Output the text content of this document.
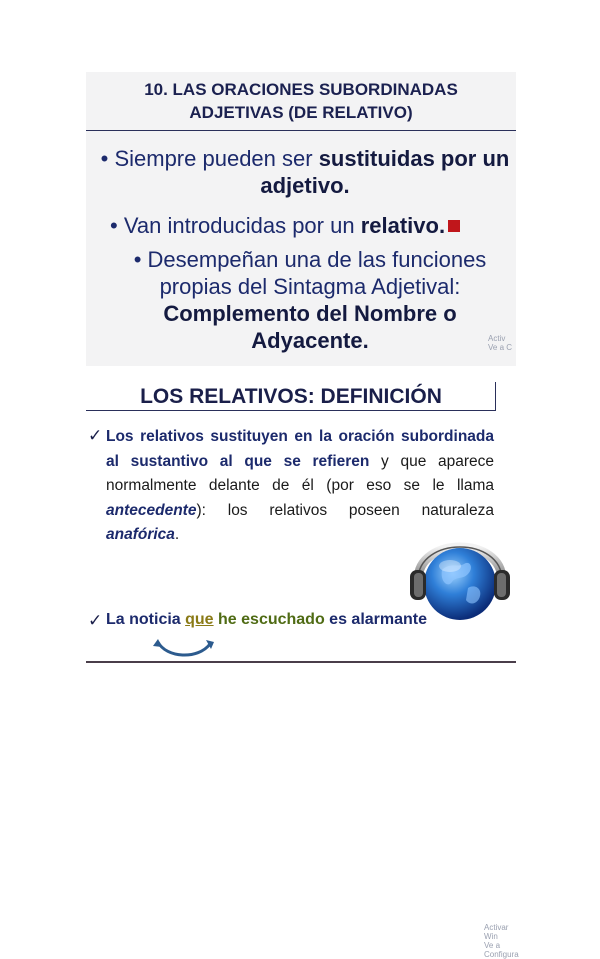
10. LAS ORACIONES SUBORDINADAS
ADJETIVAS (DE RELATIVO)
• Siempre pueden ser sustituidas por un adjetivo.
• Van introducidas por un relativo.
• Desempeñan una de las funciones propias del Sintagma Adjetival:
Complemento del Nombre o Adyacente.	Activ
Ve a C
LOS RELATIVOS: DEFINICIÓN
✓ Los relativos sustituyen en la oración subordinada al sustantivo al que se refieren y que aparece normalmente delante de él (por eso se le llama antecedente): los relativos poseen naturaleza anafórica.
✓ La noticia que he escuchado es alarmante
Activar Win
Ve a Configura
